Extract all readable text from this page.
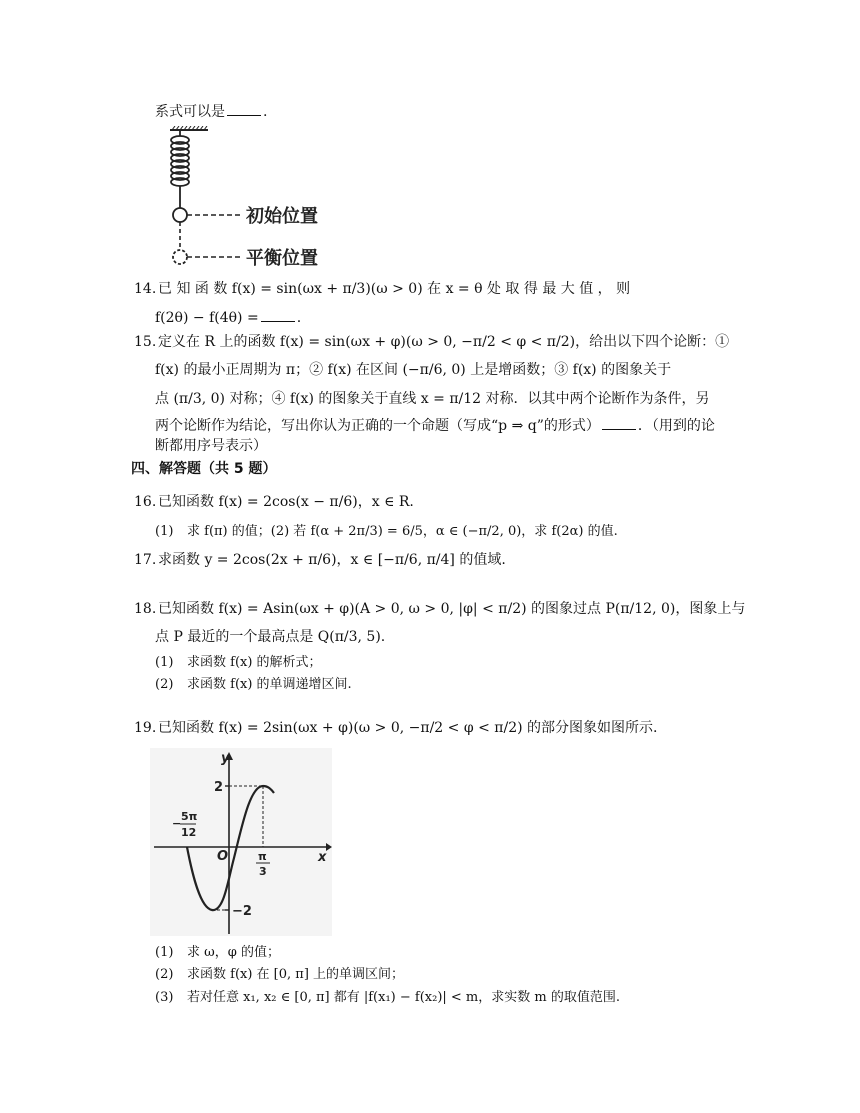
系式可以是	.
初始位置
平衡位置
14. 已 知 函 数 f(x) = sin(ωx + π/3)(ω > 0) 在 x = θ 处 取 得 最 大 值 ， 则
f(2θ) − f(4θ) =	.
15. 定义在 R 上的函数 f(x) = sin(ωx + φ)(ω > 0, −π/2 < φ < π/2)，给出以下四个论断：①
f(x) 的最小正周期为 π；② f(x) 在区间 (−π/6, 0) 上是增函数；③ f(x) 的图象关于
点 (π/3, 0) 对称；④ f(x) 的图象关于直线 x = π/12 对称．以其中两个论断作为条件，另
两个论断作为结论，写出你认为正确的一个命题（写成“p ⇒ q”的形式）	．（用到的论
断都用序号表示）
四、解答题（共 5 题）
16. 已知函数 f(x) = 2cos(x − π/6)，x ∈ R.
(1) 求 f(π) 的值；(2) 若 f(α + 2π/3) = 6/5，α ∈ (−π/2, 0)，求 f(2α) 的值.
17. 求函数 y = 2cos(2x + π/6)，x ∈ [−π/6, π/4] 的值域.
18. 已知函数 f(x) = Asin(ωx + φ)(A > 0, ω > 0, |φ| < π/2) 的图象过点 P(π/12, 0)，图象上与
点 P 最近的一个最高点是 Q(π/3, 5).
(1) 求函数 f(x) 的解析式；
(2) 求函数 f(x) 的单调递增区间.
19. 已知函数 f(x) = 2sin(ωx + φ)(ω > 0, −π/2 < φ < π/2) 的部分图象如图所示.
y
x
O
2
−2
−
5π
12
π
3
(1) 求 ω，φ 的值；
(2) 求函数 f(x) 在 [0, π] 上的单调区间；
(3) 若对任意 x₁, x₂ ∈ [0, π] 都有 |f(x₁) − f(x₂)| < m，求实数 m 的取值范围.
